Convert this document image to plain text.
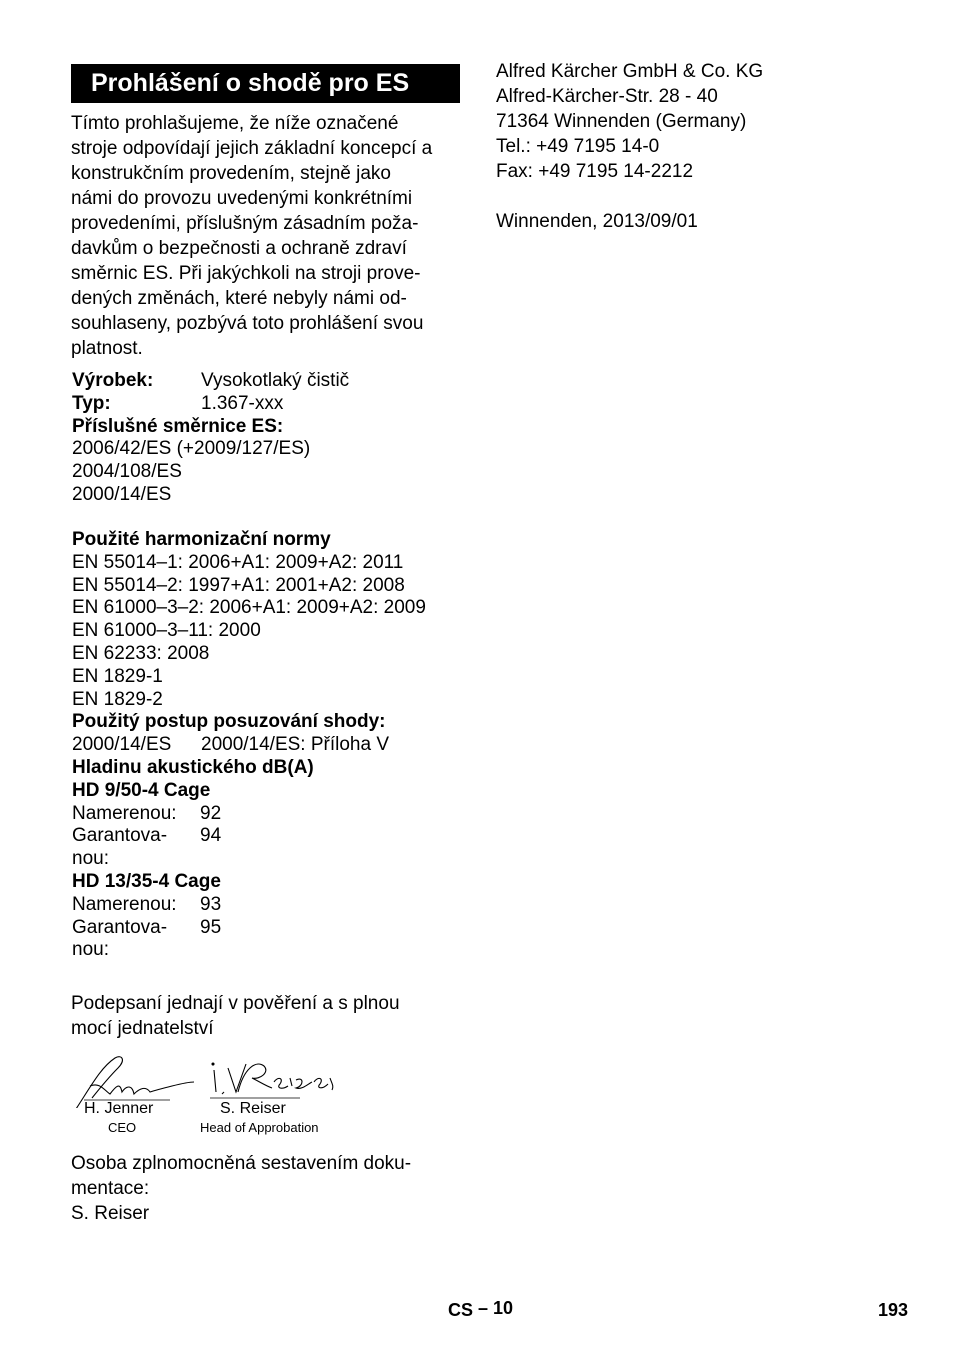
Prohlášení o shodě pro ES
Tímto prohlašujeme, že níže označené
stroje odpovídají jejich základní koncepcí a
konstrukčním provedením, stejně jako
námi do provozu uvedenými konkrétními
provedeními, příslušným zásadním poža-
davkům o bezpečnosti a ochraně zdraví
směrnic ES. Při jakýchkoli na stroji prove-
dených změnách, které nebyly námi od-
souhlaseny, pozbývá toto prohlášení svou
platnost.
Výrobek:	Vysokotlaký čistič
Typ:	1.367-xxx
Příslušné směrnice ES:
2006/42/ES (+2009/127/ES)
2004/108/ES
2000/14/ES
Použité harmonizační normy
EN 55014–1: 2006+A1: 2009+A2: 2011
EN 55014–2: 1997+A1: 2001+A2: 2008
EN 61000–3–2: 2006+A1: 2009+A2: 2009
EN 61000–3–11: 2000
EN 62233: 2008
EN 1829-1
EN 1829-2
Použitý postup posuzování shody:
2000/14/ES 2000/14/ES: Příloha V
Hladinu akustického dB(A)
HD 9/50-4 Cage
Namerenou: 92
Garantova- 94
nou:
HD 13/35-4 Cage
Namerenou: 93
Garantova- 95
nou:
Podepsaní jednají v pověření a s plnou
mocí jednatelství
H. Jenner
CEO
S. Reiser
Head of Approbation
Osoba zplnomocněná sestavením doku-
mentace:
S. Reiser
Alfred Kärcher GmbH & Co. KG
Alfred-Kärcher-Str. 28 - 40
71364 Winnenden (Germany)
Tel.: +49 7195 14-0
Fax: +49 7195 14-2212
Winnenden, 2013/09/01
CS – 10	193
